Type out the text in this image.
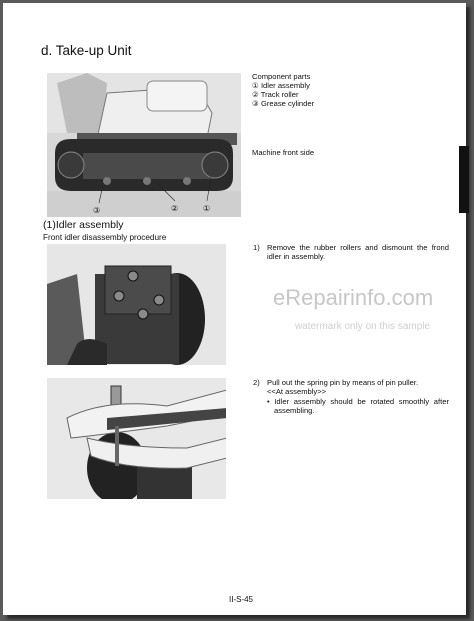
d. Take-up Unit
③	②	①
Component parts
① Idler assembly
② Track roller
③ Grease cylinder
Machine front side
(1)Idler assembly
Front idler disassembly procedure
1) Remove the rubber rollers and dismount the frond idler in assembly.
eRepairinfo.com
watermark only on this sample
2) Pull out the spring pin by means of pin puller.
<<At assembly>>
• Idler assembly should be rotated smoothly after assembling.
II-S-45
